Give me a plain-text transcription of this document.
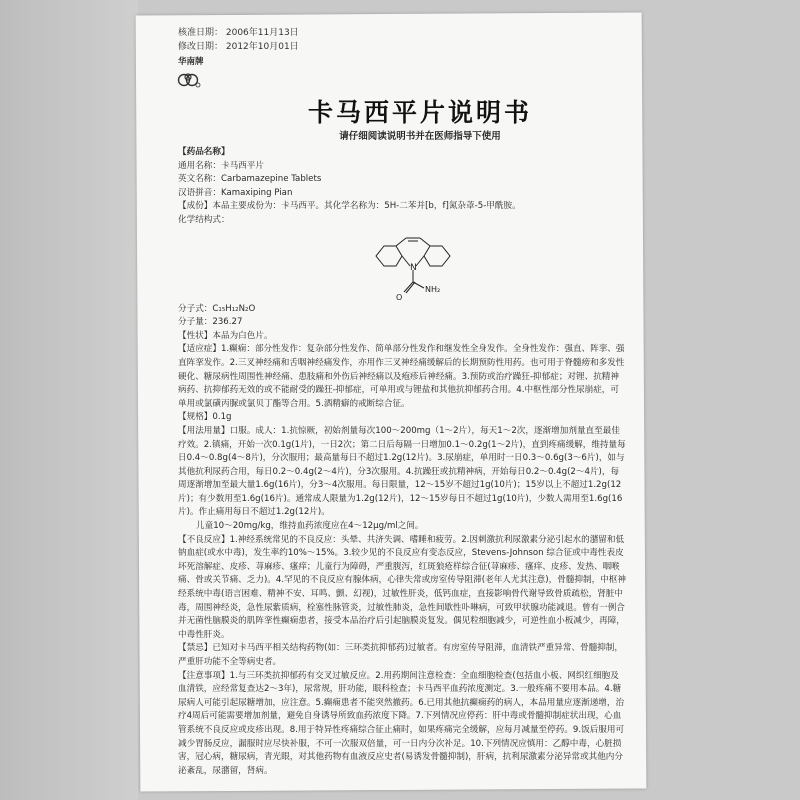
核准日期： 2006年11月13日
修改日期： 2012年10月01日
华南牌
卡马西平片说明书
请仔细阅读说明书并在医师指导下使用

【药品名称】

通用名称：卡马西平片

英文名称：Carbamazepine Tablets

汉语拼音：Kamaxiping Pian

【成份】本品主要成份为：卡马西平。其化学名称为：5H-二苯并[b，f]氮杂䓬-5-甲酰胺。

化学结构式：

N
O
NH₂

分子式：C₁₅H₁₂N₂O

分子量：236.27

【性状】本品为白色片。

【适应症】1.癫痫：部分性发作：复杂部分性发作、简单部分性发作和继发性全身发作。全身性发作：强直、阵挛、强直阵挛发作。2.三叉神经痛和舌咽神经痛发作，亦用作三叉神经痛缓解后的长期预防性用药。也可用于脊髓痨和多发性硬化、糖尿病性周围性神经痛、患肢痛和外伤后神经痛以及疱疹后神经痛。3.预防或治疗躁狂-抑郁症；对锂、抗精神病药、抗抑郁药无效的或不能耐受的躁狂-抑郁症，可单用或与锂盐和其他抗抑郁药合用。4.中枢性部分性尿崩症，可单用或氯磺丙脲或氯贝丁酯等合用。5.酒精癖的戒断综合征。

【规格】0.1g

【用法用量】口服。成人：1.抗惊厥，初始剂量每次100～200mg（1～2片），每天1～2次，逐渐增加剂量直至最佳疗效。2.镇痛，开始一次0.1g(1片)，一日2次；第二日后每隔一日增加0.1～0.2g(1～2片)，直到疼痛缓解，维持量每日0.4～0.8g(4～8片)，分次服用；最高量每日不超过1.2g(12片)。3.尿崩症，单用时一日0.3～0.6g(3～6片)，如与其他抗利尿药合用，每日0.2～0.4g(2～4片)，分3次服用。4.抗躁狂或抗精神病，开始每日0.2～0.4g(2～4片)，每周逐渐增加至最大量1.6g(16片)，分3～4次服用。每日限量，12～15岁不超过1g(10片)；15岁以上不超过1.2g(12片)；有少数用至1.6g(16片)。通常成人限量为1.2g(12片)，12～15岁每日不超过1g(10片)，少数人需用至1.6g(16片)。作止痛用每日不超过1.2g(12片)。

儿童10～20mg/kg，维持血药浓度应在4～12μg/ml之间。

【不良反应】1.神经系统常见的不良反应：头晕、共济失调、嗜睡和疲劳。2.因刺激抗利尿激素分泌引起水的潴留和低钠血症(或水中毒)，发生率约10%～15%。3.较少见的不良反应有变态反应，Stevens-Johnson 综合征或中毒性表皮坏死溶解症、皮疹、荨麻疹、瘙痒；儿童行为障碍，严重腹泻，红斑狼疮样综合征(荨麻疹、瘙痒、皮疹、发热、咽喉痛、骨或关节痛、乏力)。4.罕见的不良反应有腺体病，心律失常或房室传导阻滞(老年人尤其注意)，骨髓抑制，中枢神经系统中毒(语言困难、精神不安、耳鸣、颤、幻视)，过敏性肝炎，低钙血症，直接影响骨代谢导致骨质疏松，肾脏中毒，周围神经炎，急性尿紫质病，栓塞性脉管炎，过敏性肺炎，急性间歇性卟啉病，可致甲状腺功能减退。曾有一例合并无菌性脑膜炎的肌阵挛性癫痫患者，接受本品治疗后引起脑膜炎复发。偶见粒细胞减少，可逆性血小板减少，再障，中毒性肝炎。

【禁忌】已知对卡马西平相关结构药物(如：三环类抗抑郁药)过敏者。有房室传导阻滞，血清铁严重异常、骨髓抑制，严重肝功能不全等病史者。

【注意事项】1.与三环类抗抑郁药有交叉过敏反应。2.用药期间注意检查：全血细胞检查(包括血小板、网织红细胞及血清铁，应经常复查达2～3年)，尿常规，肝功能，眼科检查；卡马西平血药浓度测定。3.一般疼痛不要用本品。4.糖尿病人可能引起尿糖增加，应注意。5.癫痫患者不能突然撤药。6.已用其他抗癫痫药的病人，本品用量应逐渐递增，治疗4周后可能需要增加剂量，避免自身诱导所致血药浓度下降。7.下列情况应停药：肝中毒或骨髓抑制症状出现，心血管系统不良反应或皮疹出现。8.用于特异性疼痛综合征止痛时，如果疼痛完全缓解，应每月减量至停药。9.饭后服用可减少胃肠反应，漏服时应尽快补服，不可一次服双倍量，可一日内分次补足。10.下列情况应慎用：乙醇中毒，心脏损害，冠心病，糖尿病，青光眼，对其他药物有血液反应史者(易诱发骨髓抑制)，肝病，抗利尿激素分泌异常或其他内分泌紊乱，尿潴留，肾病。
